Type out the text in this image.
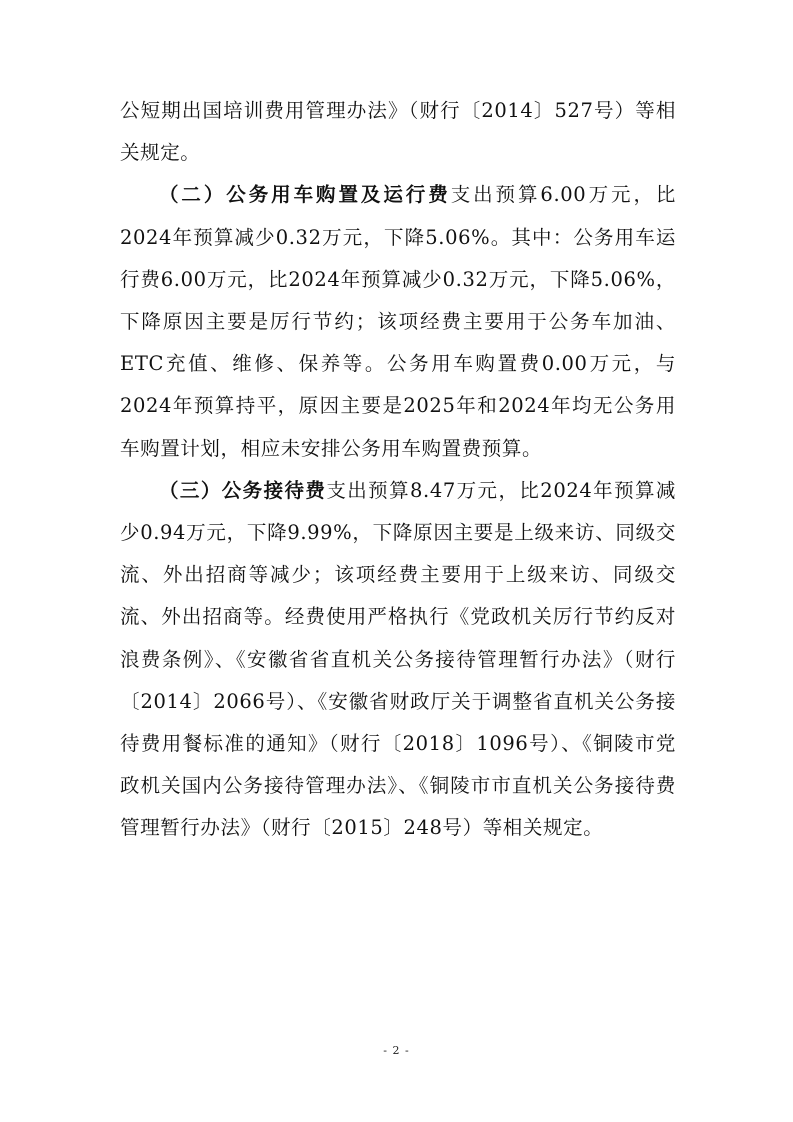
公短期出国培训费用管理办法》（财行〔2014〕527号）等相关规定。

（二）公务用车购置及运行费支出预算6.00万元，比2024年预算减少0.32万元，下降5.06%。其中：公务用车运行费6.00万元，比2024年预算减少0.32万元，下降5.06%，下降原因主要是厉行节约；该项经费主要用于公务车加油、ETC充值、维修、保养等。公务用车购置费0.00万元，与2024年预算持平，原因主要是2025年和2024年均无公务用车购置计划，相应未安排公务用车购置费预算。

（三）公务接待费支出预算8.47万元，比2024年预算减少0.94万元，下降9.99%，下降原因主要是上级来访、同级交流、外出招商等减少；该项经费主要用于上级来访、同级交流、外出招商等。经费使用严格执行《党政机关厉行节约反对浪费条例》、《安徽省省直机关公务接待管理暂行办法》（财行〔2014〕2066号）、《安徽省财政厅关于调整省直机关公务接待费用餐标准的通知》（财行〔2018〕1096号）、《铜陵市党政机关国内公务接待管理办法》、《铜陵市市直机关公务接待费管理暂行办法》（财行〔2015〕248号）等相关规定。

- 2 -
